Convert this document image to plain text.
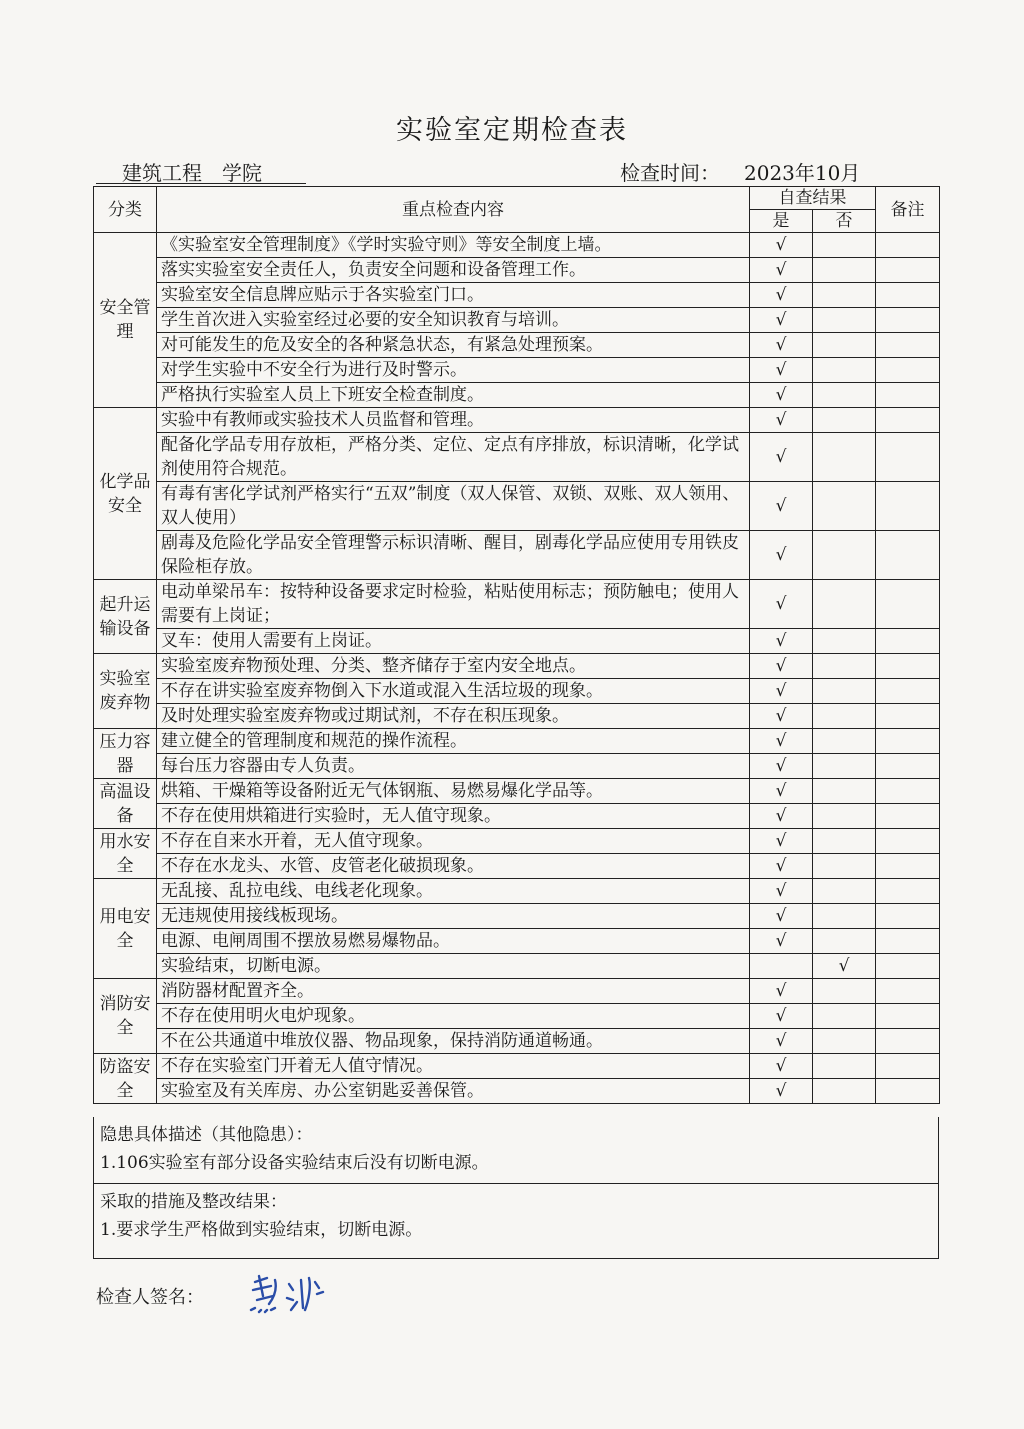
实验室定期检查表
建筑工程　学院	检查时间： 2023年10月
分类	重点检查内容	自查结果		备注
		是	否	
安全管理	《实验室安全管理制度》《学时实验守则》等安全制度上墙。	√		
	落实实验室安全责任人，负责安全问题和设备管理工作。	√		
	实验室安全信息牌应贴示于各实验室门口。	√		
	学生首次进入实验室经过必要的安全知识教育与培训。	√		
	对可能发生的危及安全的各种紧急状态，有紧急处理预案。	√		
	对学生实验中不安全行为进行及时警示。	√		
	严格执行实验室人员上下班安全检查制度。	√		
化学品安全	实验中有教师或实验技术人员监督和管理。	√		
	配备化学品专用存放柜，严格分类、定位、定点有序排放，标识清晰，化学试剂使用符合规范。	√		
	有毒有害化学试剂严格实行“五双”制度（双人保管、双锁、双账、双人领用、双人使用）	√		
	剧毒及危险化学品安全管理警示标识清晰、醒目，剧毒化学品应使用专用铁皮保险柜存放。	√		
起升运输设备	电动单梁吊车：按特种设备要求定时检验，粘贴使用标志；预防触电；使用人需要有上岗证；	√		
	叉车：使用人需要有上岗证。	√		
实验室废弃物	实验室废弃物预处理、分类、整齐储存于室内安全地点。	√		
	不存在讲实验室废弃物倒入下水道或混入生活垃圾的现象。	√		
	及时处理实验室废弃物或过期试剂，不存在积压现象。	√		
压力容器	建立健全的管理制度和规范的操作流程。	√		
	每台压力容器由专人负责。	√		
高温设备	烘箱、干燥箱等设备附近无气体钢瓶、易燃易爆化学品等。	√		
	不存在使用烘箱进行实验时，无人值守现象。	√		
用水安全	不存在自来水开着，无人值守现象。	√		
	不存在水龙头、水管、皮管老化破损现象。	√		
用电安全	无乱接、乱拉电线、电线老化现象。	√		
	无违规使用接线板现场。	√		
	电源、电闸周围不摆放易燃易爆物品。	√		
	实验结束，切断电源。		√	
消防安全	消防器材配置齐全。	√		
	不存在使用明火电炉现象。	√		
	不在公共通道中堆放仪器、物品现象，保持消防通道畅通。	√		
防盗安全	不存在实验室门开着无人值守情况。	√		
	实验室及有关库房、办公室钥匙妥善保管。	√		
隐患具体描述（其他隐患）：
1.106实验室有部分设备实验结束后没有切断电源。
采取的措施及整改结果：
1.要求学生严格做到实验结束，切断电源。
检查人签名：
